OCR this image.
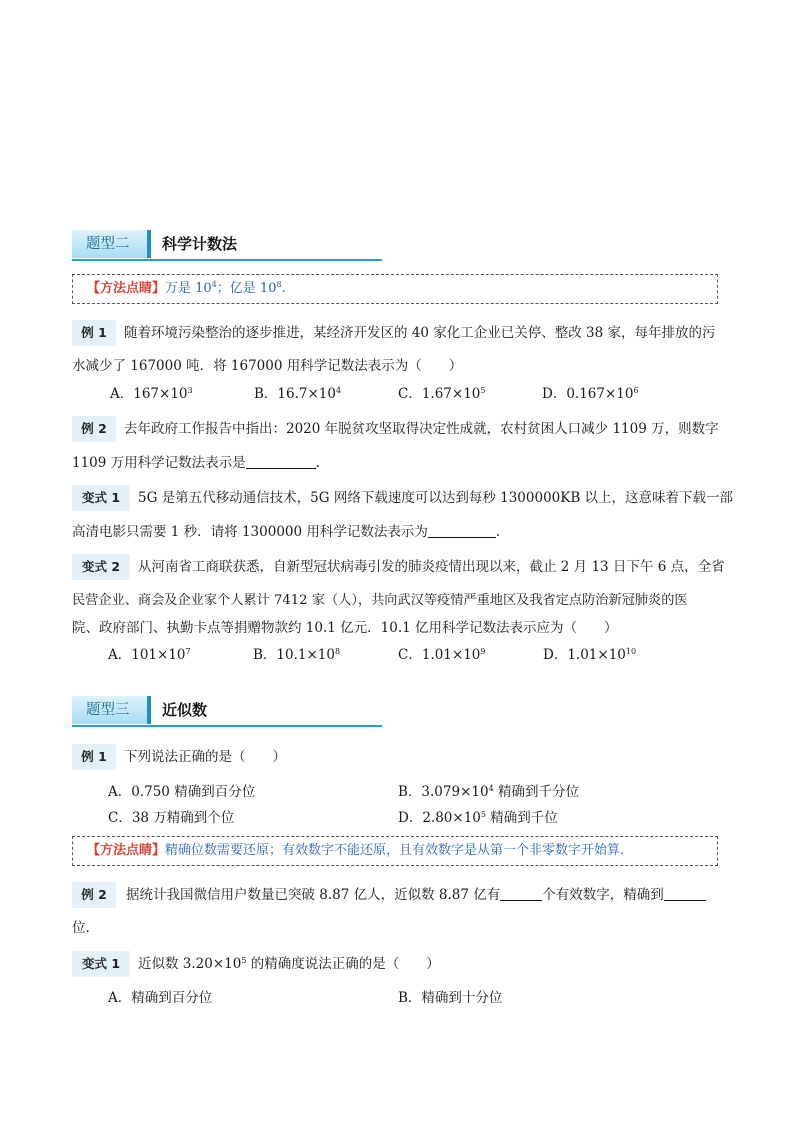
题型二	科学计数法
【方法点睛】万是 $10^4$；亿是 $10^8$.
例 1	随着环境污染整治的逐步推进，某经济开发区的 40 家化工企业已关停、整改 38 家，每年排放的污
水减少了 167000 吨．将 167000 用科学记数法表示为（　　）
A．$167\times 10^3$	B．$16.7\times 10^4$	C．$1.67\times 10^5$	D．$0.167\times 10^6$
例 2	去年政府工作报告中指出：2020 年脱贫攻坚取得决定性成就，农村贫困人口减少 1109 万，则数字
1109 万用科学记数法表示是	.
变式 1	5G 是第五代移动通信技术，5G 网络下载速度可以达到每秒 1300000KB 以上，这意味着下载一部
高清电影只需要 1 秒．请将 1300000 用科学记数法表示为	.
变式 2	从河南省工商联获悉，自新型冠状病毒引发的肺炎疫情出现以来，截止 2 月 13 日下午 6 点，全省
民营企业、商会及企业家个人累计 7412 家（人），共向武汉等疫情严重地区及我省定点防治新冠肺炎的医
院、政府部门、执勤卡点等捐赠物款约 10.1 亿元．10.1 亿用科学记数法表示应为（　　）
A．$101\times 10^7$	B．$10.1\times 10^8$	C．$1.01\times 10^9$	D．$1.01\times 10^{10}$
题型三	近似数
例 1	下列说法正确的是（　　）
A．0.750 精确到百分位	B．$3.079\times 10^4$ 精确到千分位
C．38 万精确到个位	D．$2.80\times 10^5$ 精确到千位
【方法点睛】精确位数需要还原；有效数字不能还原，且有效数字是从第一个非零数字开始算.
例 2	据统计我国微信用户数量已突破 8.87 亿人，近似数 8.87 亿有	个有效数字，精确到
位.
变式 1	近似数 $3.20\times 10^5$ 的精确度说法正确的是（　　）
A．精确到百分位	B．精确到十分位
